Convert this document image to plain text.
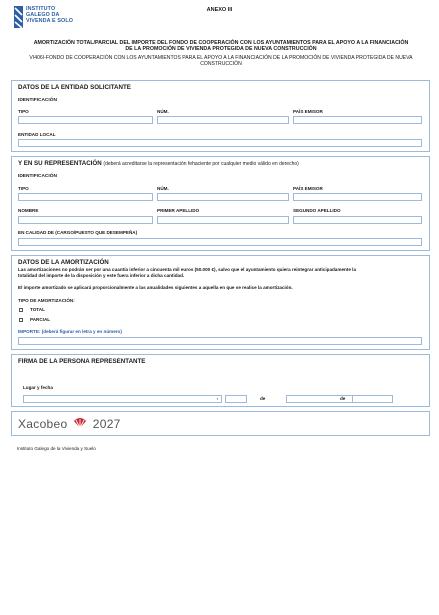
INSTITUTO
GALEGO DA
VIVENDA E SOLO
ANEXO III
AMORTIZACIÓN TOTAL/PARCIAL DEL IMPORTE DEL FONDO DE COOPERACIÓN CON LOS AYUNTAMIENTOS PARA EL APOYO A LA FINANCIACIÓN
DE LA PROMOCIÓN DE VIVIENDA PROTEGIDA DE NUEVA CONSTRUCCIÓN
VI406I-FONDO DE COOPERACIÓN CON LOS AYUNTAMIENTOS PARA EL APOYO A LA FINANCIACIÓN DE LA PROMOCIÓN DE VIVIENDA PROTEGIDA DE NUEVA
CONSTRUCCIÓN
DATOS DE LA ENTIDAD SOLICITANTE
IDENTIFICACIÓN
TIPO	NÚM.	PAÍS EMISOR
ENTIDAD LOCAL
Y EN SU REPRESENTACIÓN (deberá acreditarse la representación fehaciente por cualquier medio válido en derecho)
IDENTIFICACIÓN
TIPO	NÚM.	PAÍS EMISOR
NOMBRE	PRIMER APELLIDO	SEGUNDO APELLIDO
EN CALIDAD DE (CARGO/PUESTO QUE DESEMPEÑA)
DATOS DE LA AMORTIZACIÓN
Las amortizaciones no podrán ser por una cuantía inferior a cincuenta mil euros (50.000 €), salvo que el ayuntamiento quiera reintegrar anticipadamente la
totalidad del importe de la disposición y este fuera inferior a dicha cantidad.
El importe amortizado se aplicará proporcionalmente a las anualidades siguientes a aquella en que se realice la amortización.
TIPO DE AMORTIZACIÓN:
TOTAL
PARCIAL
IMPORTE: (deberá figurar en letra y en número)
FIRMA DE LA PERSONA REPRESENTANTE
Lugar y fecha
,	de	de
Xacobeo 2027
Instituto Galego de la Vivienda y Suelo
